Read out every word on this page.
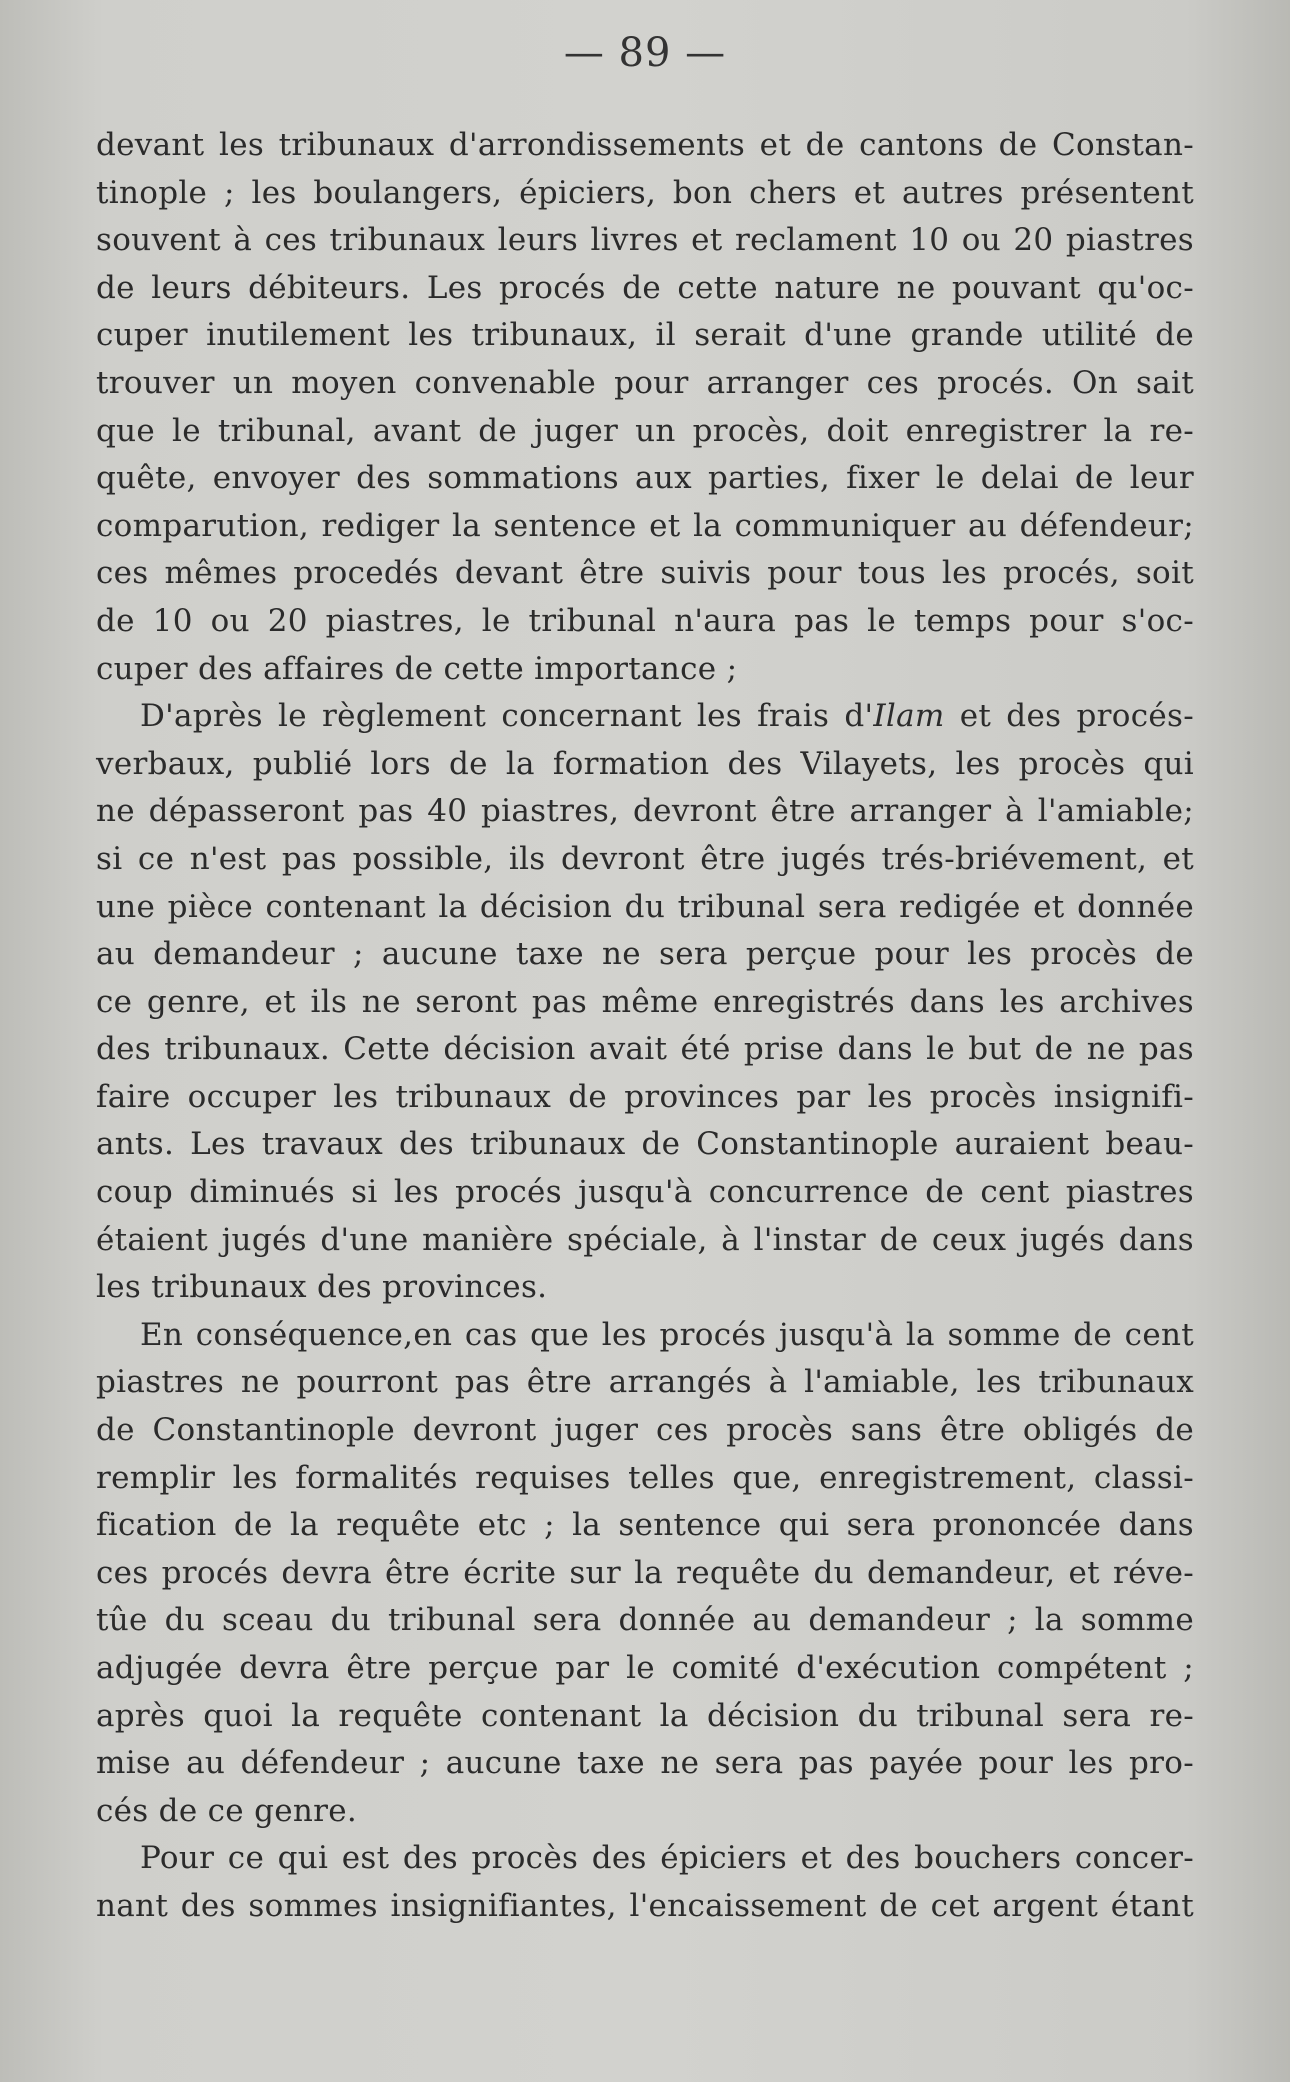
— 89 —
devant les tribunaux d'arrondissements et de cantons de Constan-
tinople ; les boulangers, épiciers, bon chers et autres présentent
souvent à ces tribunaux leurs livres et reclament 10 ou 20 piastres
de leurs débiteurs. Les procés de cette nature ne pouvant qu'oc-
cuper inutilement les tribunaux, il serait d'une grande utilité de
trouver un moyen convenable pour arranger ces procés. On sait
que le tribunal, avant de juger un procès, doit enregistrer la re-
quête, envoyer des sommations aux parties, fixer le delai de leur
comparution, rediger la sentence et la communiquer au défendeur;
ces mêmes procedés devant être suivis pour tous les procés, soit
de 10 ou 20 piastres, le tribunal n'aura pas le temps pour s'oc-
cuper des affaires de cette importance ;
D'après le règlement concernant les frais d'Ilam et des procés-
verbaux, publié lors de la formation des Vilayets, les procès qui
ne dépasseront pas 40 piastres, devront être arranger à l'amiable;
si ce n'est pas possible, ils devront être jugés trés-briévement, et
une pièce contenant la décision du tribunal sera redigée et donnée
au demandeur ; aucune taxe ne sera perçue pour les procès de
ce genre, et ils ne seront pas même enregistrés dans les archives
des tribunaux. Cette décision avait été prise dans le but de ne pas
faire occuper les tribunaux de provinces par les procès insignifi-
ants. Les travaux des tribunaux de Constantinople auraient beau-
coup diminués si les procés jusqu'à concurrence de cent piastres
étaient jugés d'une manière spéciale, à l'instar de ceux jugés dans
les tribunaux des provinces.
En conséquence,en cas que les procés jusqu'à la somme de cent
piastres ne pourront pas être arrangés à l'amiable, les tribunaux
de Constantinople devront juger ces procès sans être obligés de
remplir les formalités requises telles que, enregistrement, classi-
fication de la requête etc ; la sentence qui sera prononcée dans
ces procés devra être écrite sur la requête du demandeur, et réve-
tûe du sceau du tribunal sera donnée au demandeur ; la somme
adjugée devra être perçue par le comité d'exécution compétent ;
après quoi la requête contenant la décision du tribunal sera re-
mise au défendeur ; aucune taxe ne sera pas payée pour les pro-
cés de ce genre.
Pour ce qui est des procès des épiciers et des bouchers concer-
nant des sommes insignifiantes, l'encaissement de cet argent étant
